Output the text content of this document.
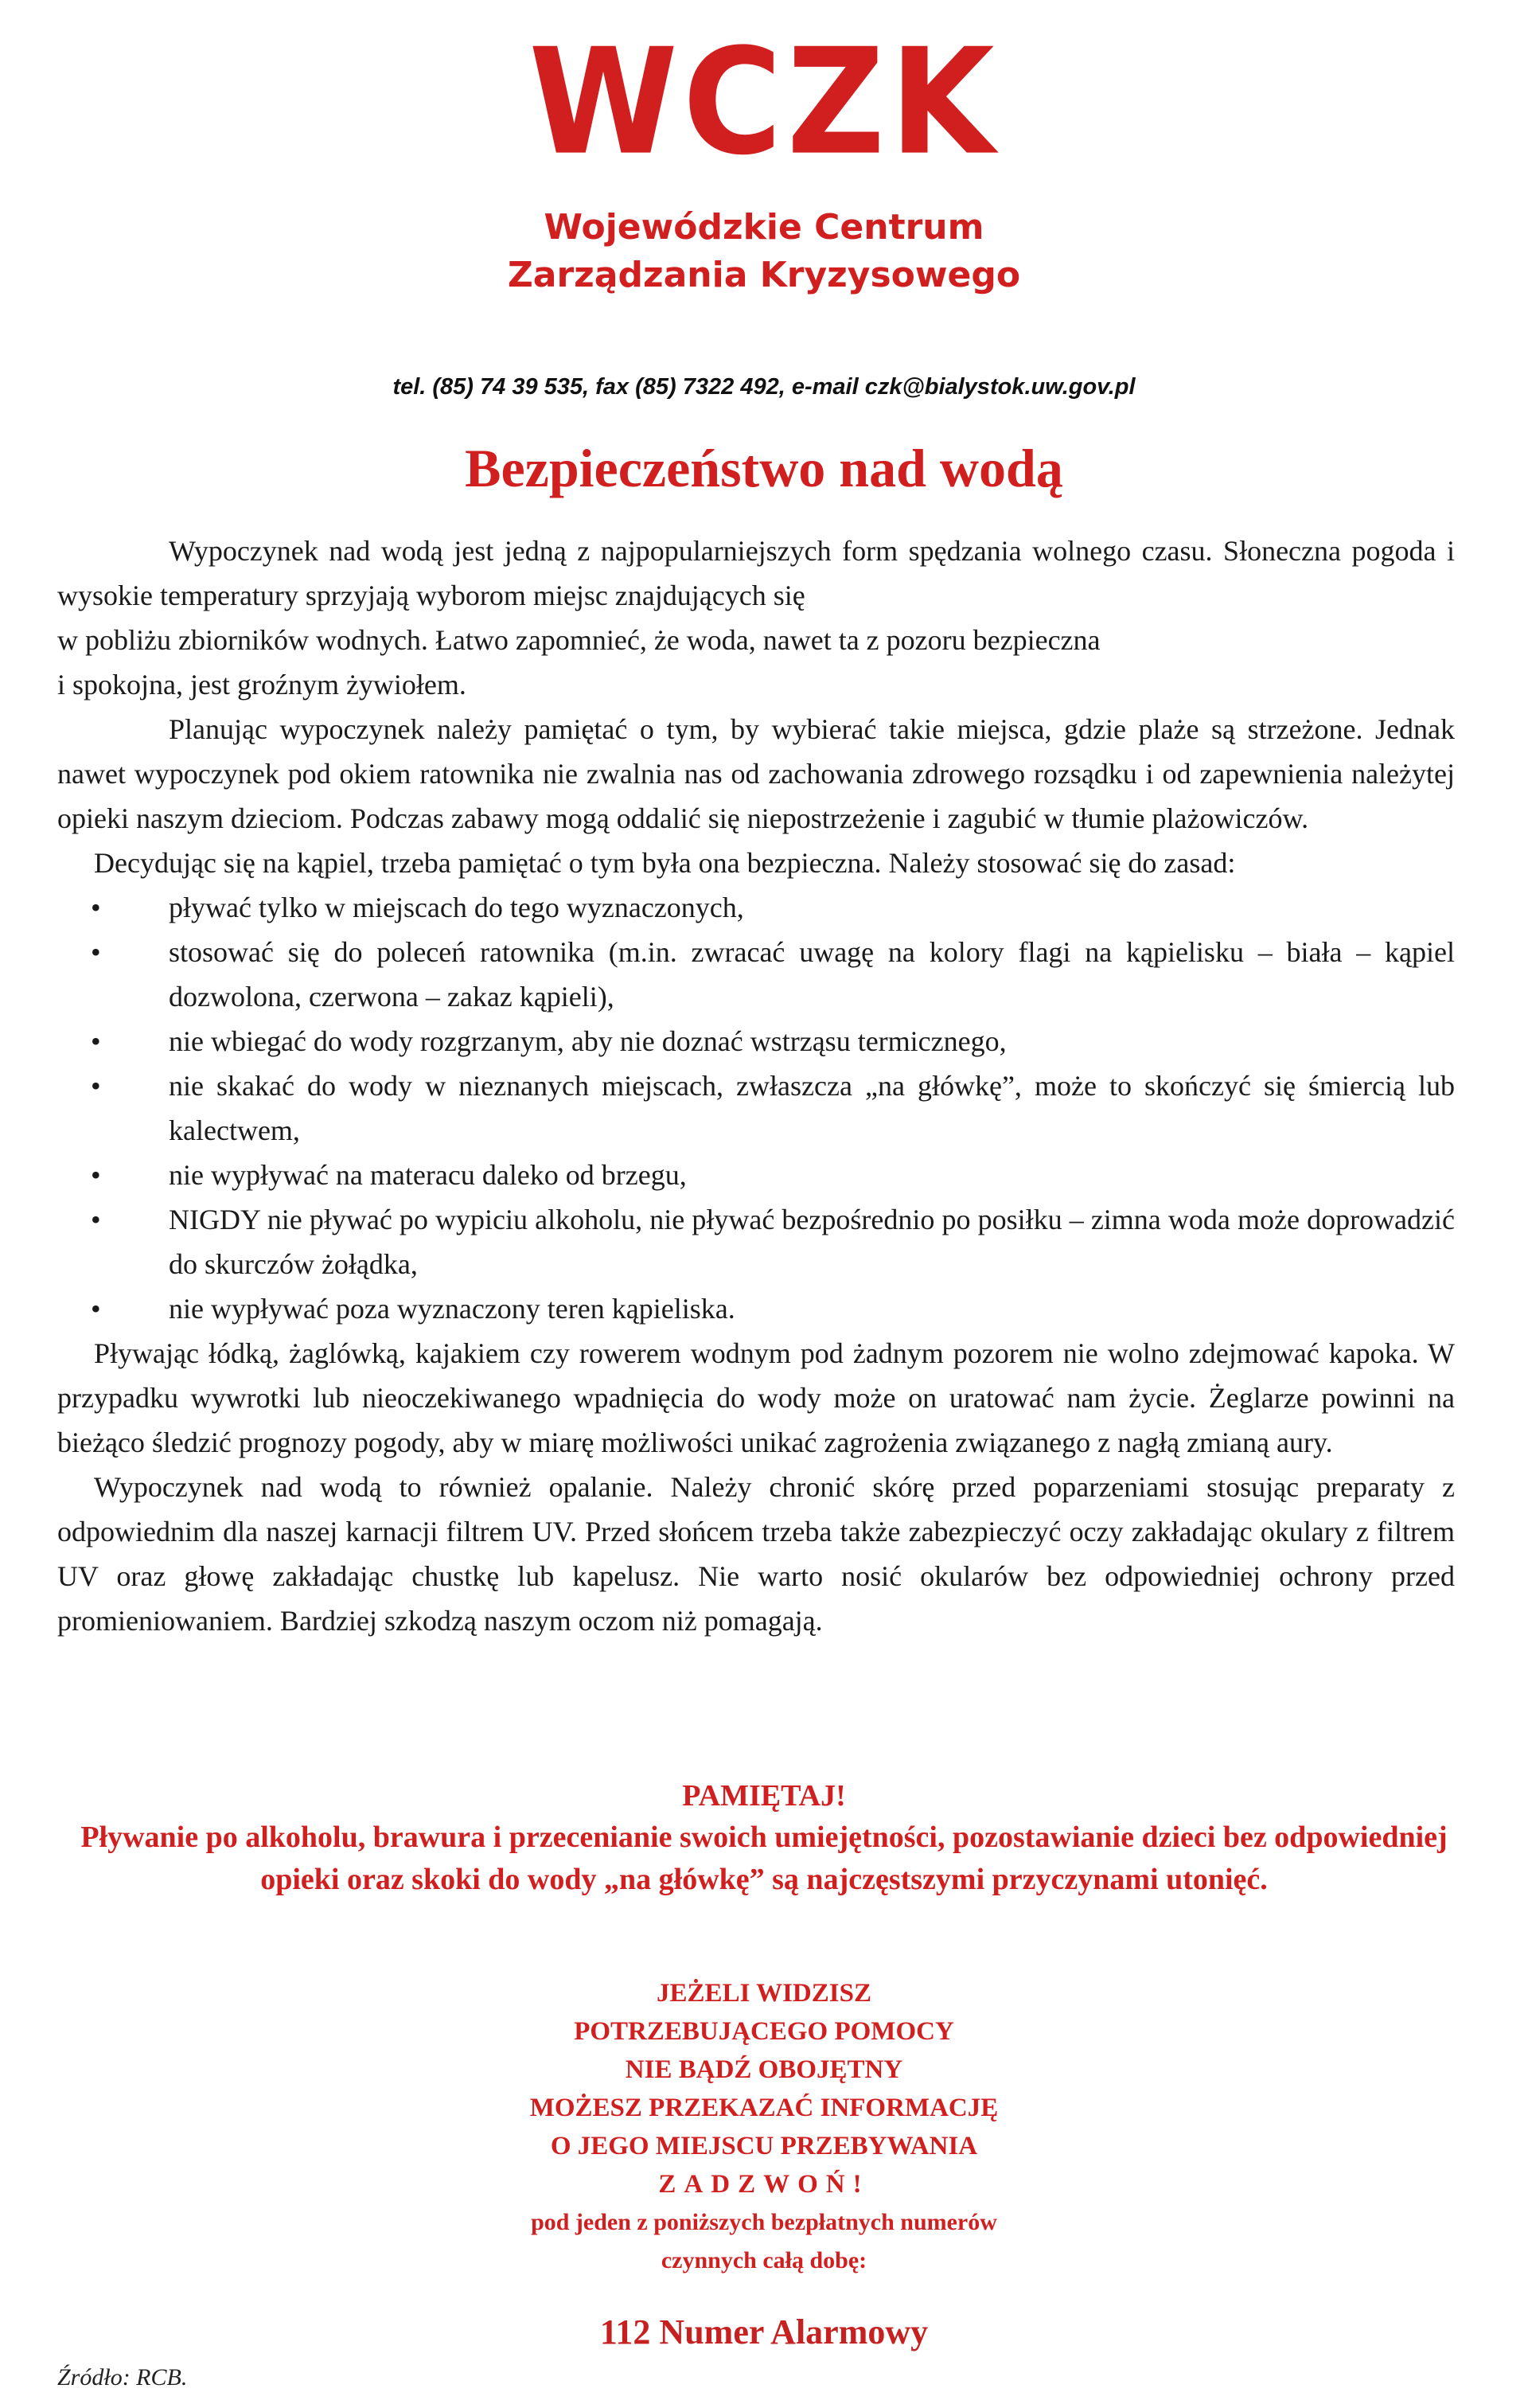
WCZK
Wojewódzkie Centrum
Zarządzania Kryzysowego
tel. (85) 74 39 535, fax (85) 7322 492, e-mail czk@bialystok.uw.gov.pl
Bezpieczeństwo nad wodą

Wypoczynek nad wodą jest jedną z najpopularniejszych form spędzania wolnego czasu. Słoneczna pogoda i wysokie temperatury sprzyjają wyborom miejsc znajdujących się

w pobliżu zbiorników wodnych. Łatwo zapomnieć, że woda, nawet ta z pozoru bezpieczna

i spokojna, jest groźnym żywiołem.

Planując wypoczynek należy pamiętać o tym, by wybierać takie miejsca, gdzie plaże są strzeżone. Jednak nawet wypoczynek pod okiem ratownika nie zwalnia nas od zachowania zdrowego rozsądku i od zapewnienia należytej opieki naszym dzieciom. Podczas zabawy mogą oddalić się niepostrzeżenie i zagubić w tłumie plażowiczów.

Decydując się na kąpiel, trzeba pamiętać o tym była ona bezpieczna. Należy stosować się do zasad:

• pływać tylko w miejscach do tego wyznaczonych,
• stosować się do poleceń ratownika (m.in. zwracać uwagę na kolory flagi na kąpielisku – biała – kąpiel dozwolona, czerwona – zakaz kąpieli),
• nie wbiegać do wody rozgrzanym, aby nie doznać wstrząsu termicznego,
• nie skakać do wody w nieznanych miejscach, zwłaszcza „na główkę”, może to skończyć się śmiercią lub kalectwem,
• nie wypływać na materacu daleko od brzegu,
• NIGDY nie pływać po wypiciu alkoholu, nie pływać bezpośrednio po posiłku – zimna woda może doprowadzić do skurczów żołądka,
• nie wypływać poza wyznaczony teren kąpieliska.

Pływając łódką, żaglówką, kajakiem czy rowerem wodnym pod żadnym pozorem nie wolno zdejmować kapoka. W przypadku wywrotki lub nieoczekiwanego wpadnięcia do wody może on uratować nam życie. Żeglarze powinni na bieżąco śledzić prognozy pogody, aby w miarę możliwości unikać zagrożenia związanego z nagłą zmianą aury.

Wypoczynek nad wodą to również opalanie. Należy chronić skórę przed poparzeniami stosując preparaty z odpowiednim dla naszej karnacji filtrem UV. Przed słońcem trzeba także zabezpieczyć oczy zakładając okulary z filtrem UV oraz głowę zakładając chustkę lub kapelusz. Nie warto nosić okularów bez odpowiedniej ochrony przed promieniowaniem. Bardziej szkodzą naszym oczom niż pomagają.

PAMIĘTAJ!
Pływanie po alkoholu, brawura i przecenianie swoich umiejętności, pozostawianie dzieci bez odpowiedniej opieki oraz skoki do wody „na główkę” są najczęstszymi przyczynami utonięć.
JEŻELI WIDZISZ
POTRZEBUJĄCEGO POMOCY
NIE BĄDŹ OBOJĘTNY
MOŻESZ PRZEKAZAĆ INFORMACJĘ
O JEGO MIEJSCU PRZEBYWANIA
ZADZWOŃ!
pod jeden z poniższych bezpłatnych numerów
czynnych całą dobę:
112 Numer Alarmowy
Źródło: RCB.
